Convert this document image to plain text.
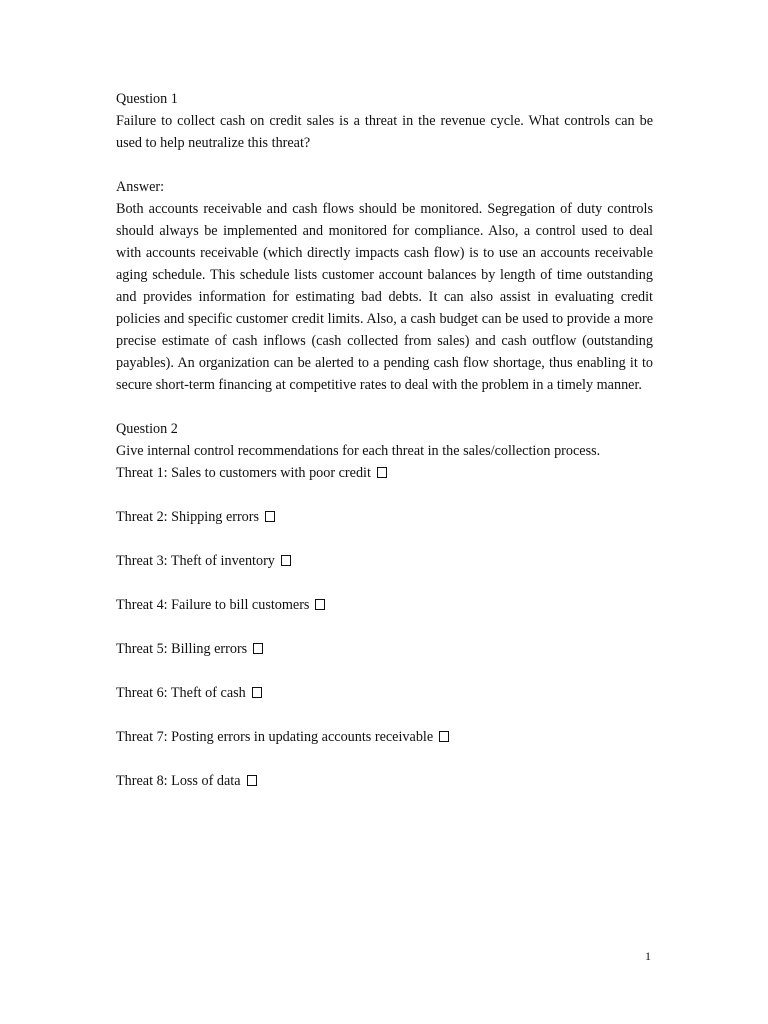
Question 1
Failure to collect cash on credit sales is a threat in the revenue cycle. What controls can be used to help neutralize this threat?
Answer:
Both accounts receivable and cash flows should be monitored. Segregation of duty controls should always be implemented and monitored for compliance. Also, a control used to deal with accounts receivable (which directly impacts cash flow) is to use an accounts receivable aging schedule. This schedule lists customer account balances by length of time outstanding and provides information for estimating bad debts. It can also assist in evaluating credit policies and specific customer credit limits. Also, a cash budget can be used to provide a more precise estimate of cash inflows (cash collected from sales) and cash outflow (outstanding payables). An organization can be alerted to a pending cash flow shortage, thus enabling it to secure short-term financing at competitive rates to deal with the problem in a timely manner.
Question 2
Give internal control recommendations for each threat in the sales/collection process.
Threat 1: Sales to customers with poor credit
Threat 2: Shipping errors
Threat 3: Theft of inventory
Threat 4: Failure to bill customers
Threat 5: Billing errors
Threat 6: Theft of cash
Threat 7: Posting errors in updating accounts receivable
Threat 8: Loss of data
1
